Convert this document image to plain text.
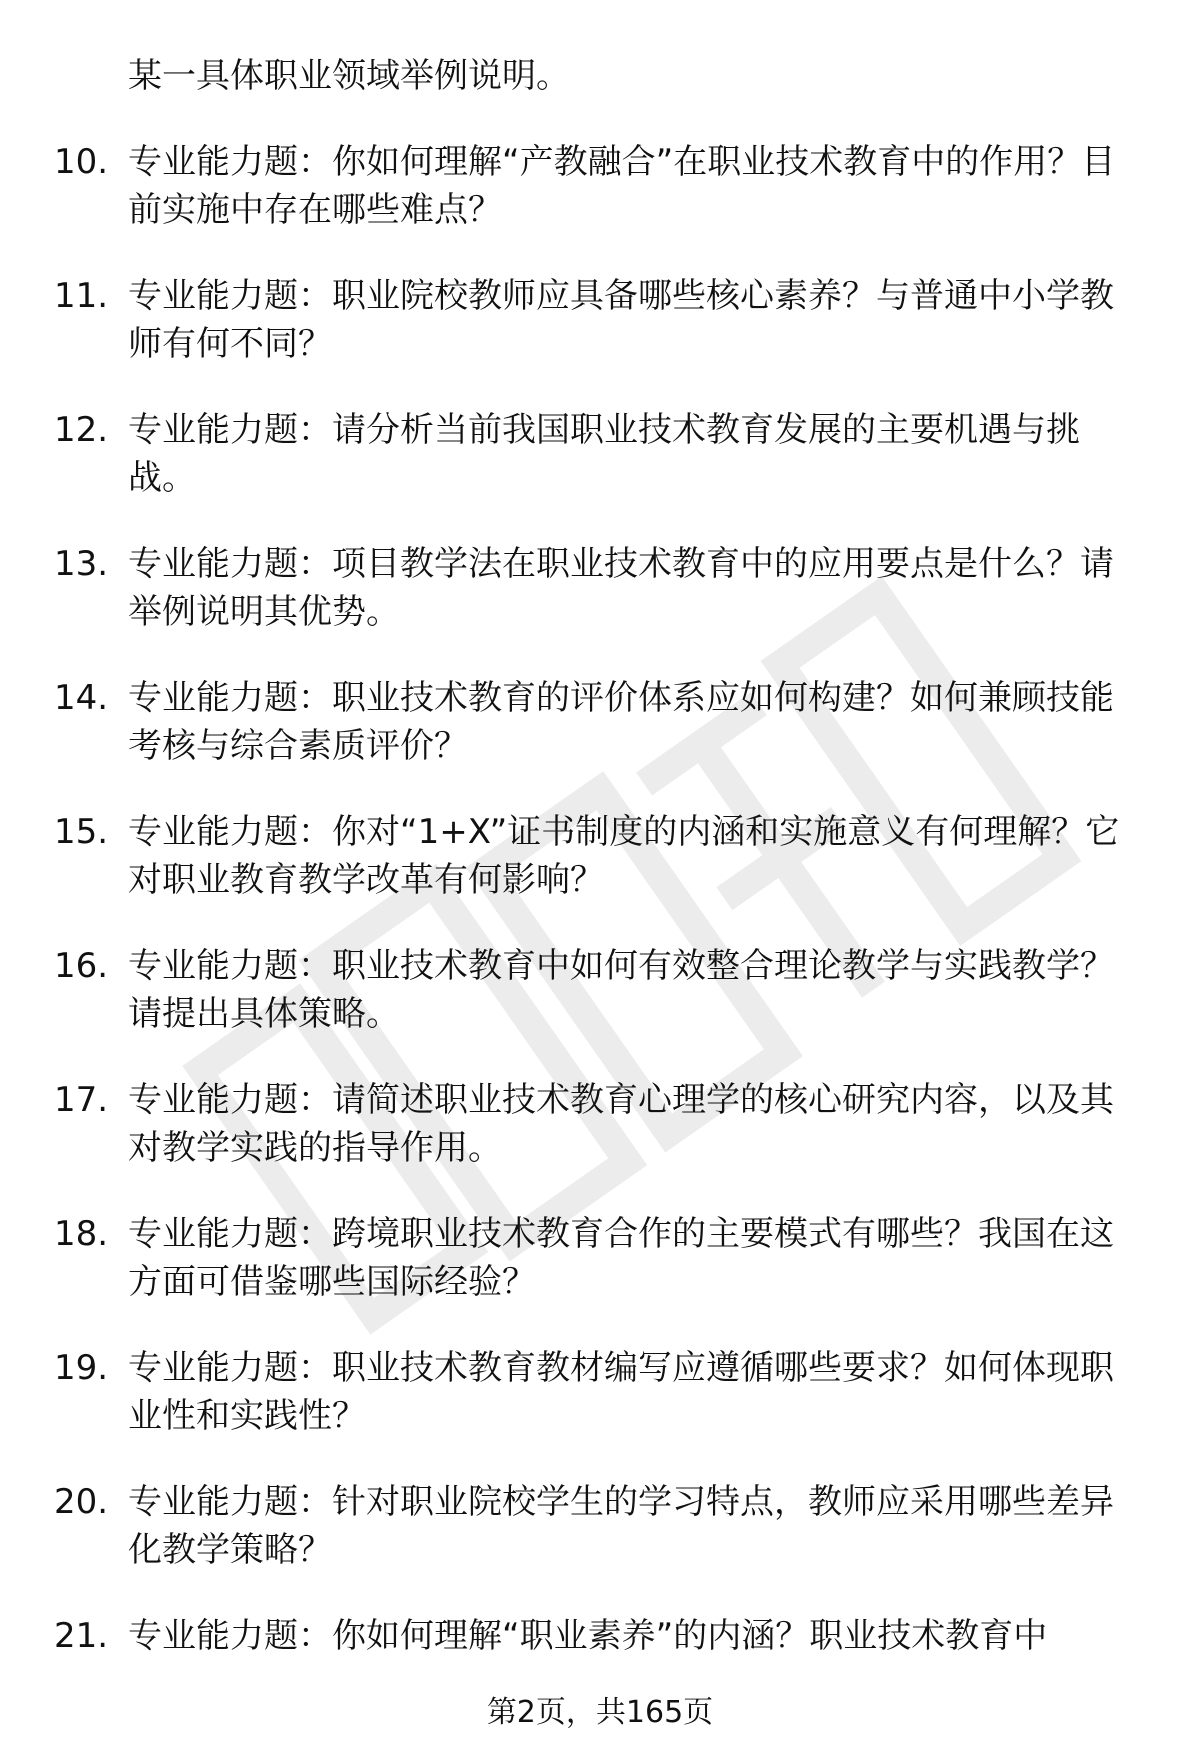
某一具体职业领域举例说明。
10. 专业能力题：你如何理解“产教融合”在职业技术教育中的作用？目前实施中存在哪些难点？
11. 专业能力题：职业院校教师应具备哪些核心素养？与普通中小学教师有何不同？
12. 专业能力题：请分析当前我国职业技术教育发展的主要机遇与挑战。
13. 专业能力题：项目教学法在职业技术教育中的应用要点是什么？请举例说明其优势。
14. 专业能力题：职业技术教育的评价体系应如何构建？如何兼顾技能考核与综合素质评价？
15. 专业能力题：你对“1+X”证书制度的内涵和实施意义有何理解？它对职业教育教学改革有何影响？
16. 专业能力题：职业技术教育中如何有效整合理论教学与实践教学？请提出具体策略。
17. 专业能力题：请简述职业技术教育心理学的核心研究内容，以及其对教学实践的指导作用。
18. 专业能力题：跨境职业技术教育合作的主要模式有哪些？我国在这方面可借鉴哪些国际经验？
19. 专业能力题：职业技术教育教材编写应遵循哪些要求？如何体现职业性和实践性？
20. 专业能力题：针对职业院校学生的学习特点，教师应采用哪些差异化教学策略？
21. 专业能力题：你如何理解“职业素养”的内涵？职业技术教育中
第2页，共165页
